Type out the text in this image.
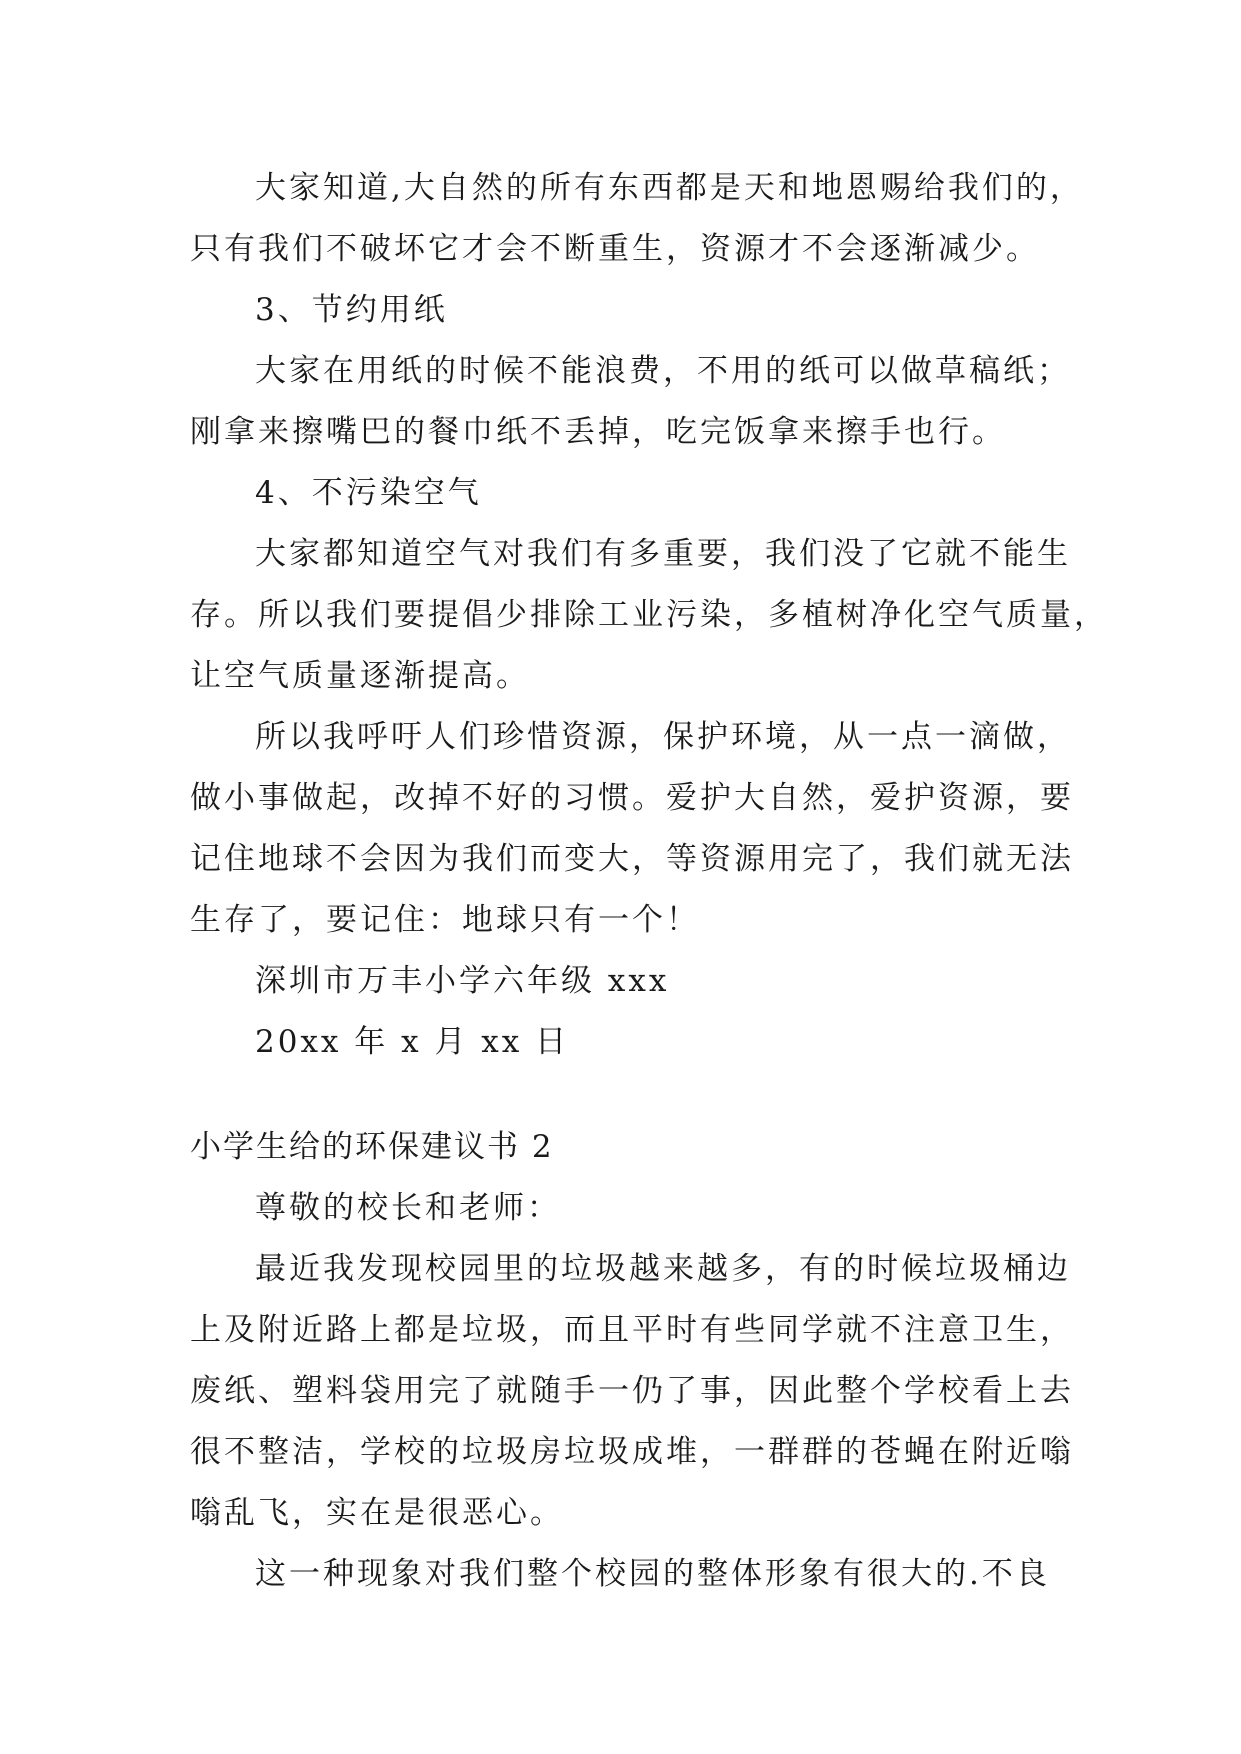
大家知道,大自然的所有东西都是天和地恩赐给我们的，
只有我们不破坏它才会不断重生，资源才不会逐渐减少。
3、节约用纸
大家在用纸的时候不能浪费，不用的纸可以做草稿纸；
刚拿来擦嘴巴的餐巾纸不丢掉，吃完饭拿来擦手也行。
4、不污染空气
大家都知道空气对我们有多重要，我们没了它就不能生
存。所以我们要提倡少排除工业污染，多植树净化空气质量，
让空气质量逐渐提高。
所以我呼吁人们珍惜资源，保护环境，从一点一滴做，
做小事做起，改掉不好的习惯。爱护大自然，爱护资源，要
记住地球不会因为我们而变大，等资源用完了，我们就无法
生存了，要记住：地球只有一个！
深圳市万丰小学六年级 xxx
20xx 年 x 月 xx 日
小学生给的环保建议书 2
尊敬的校长和老师：
最近我发现校园里的垃圾越来越多，有的时候垃圾桶边
上及附近路上都是垃圾，而且平时有些同学就不注意卫生，
废纸、塑料袋用完了就随手一仍了事，因此整个学校看上去
很不整洁，学校的垃圾房垃圾成堆，一群群的苍蝇在附近嗡
嗡乱飞，实在是很恶心。
这一种现象对我们整个校园的整体形象有很大的.不良
